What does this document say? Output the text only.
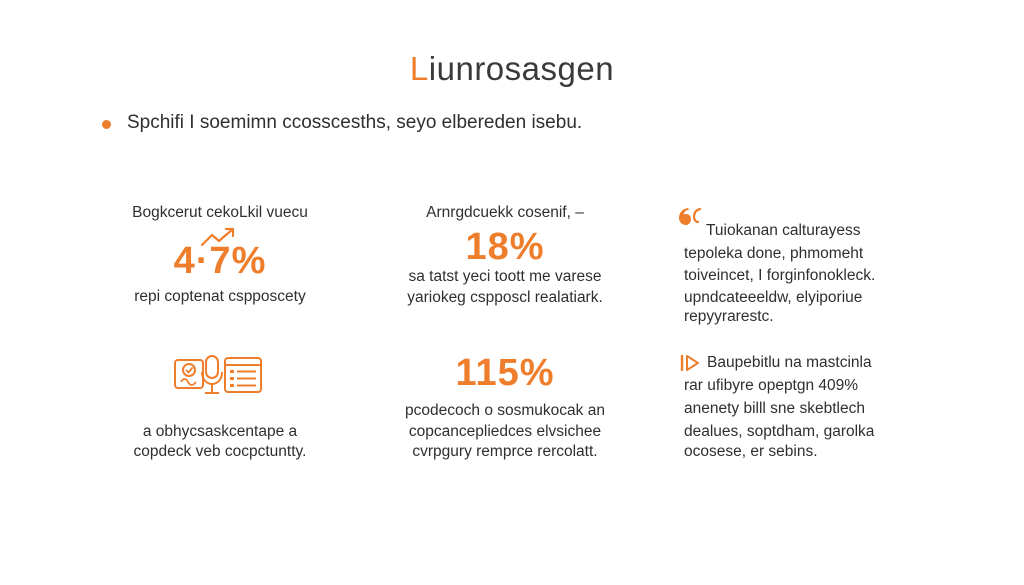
Liunrosasgen
Spchifi I soemimn ccosscesths, seyo elbereden isebu.
Bogkcerut cekoLkil vuecu
4·7%
repi coptenat cspposcety
Arnrgdcuekk cosenif, –
18%
sa tatst yeci toott me varese
yariokeg cspposcl realatiark.
Tuiokanan calturayess
tepoleka done, phmomeht
toiveincet, I forginfonokleck.
upndcateeeldw, elyiporiue
repyyrarestc.
a obhycsaskcentape a
copdeck veb cocpctuntty.
115%
pcodecoch o sosmukocak an
copcancepliedces elvsichee
cvrpgury remprce rercolatt.
Baupebitlu na mastcinla
rar ufibyre opeptgn 409%
anenety billl sne skebtlech
dealues, soptdham, garolka
ocosese, er sebins.
